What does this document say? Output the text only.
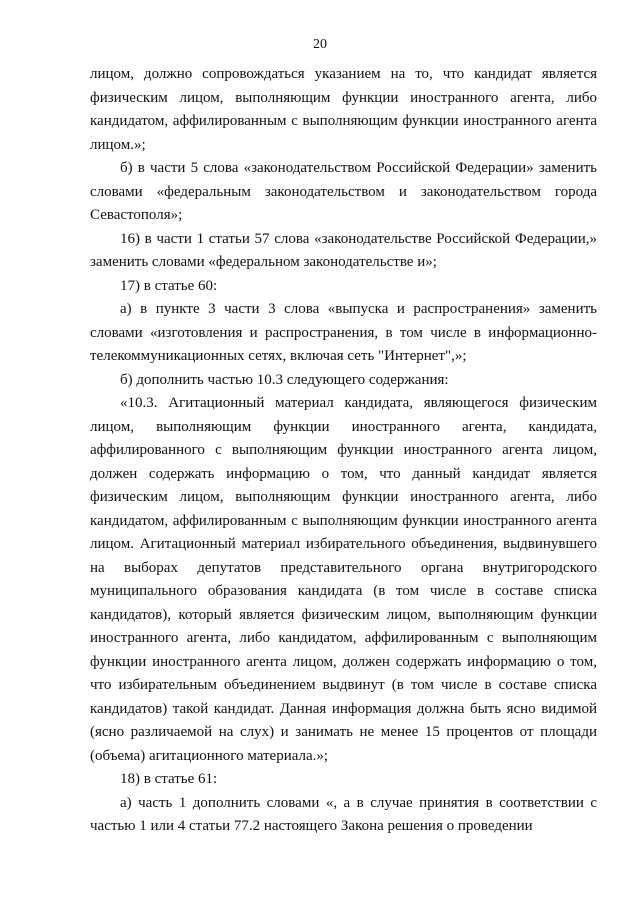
20

лицом, должно сопровождаться указанием на то, что кандидат является физическим лицом, выполняющим функции иностранного агента, либо кандидатом, аффилированным с выполняющим функции иностранного агента лицом.»;

б) в части 5 слова «законодательством Российской Федерации» заменить словами «федеральным законодательством и законодательством города Севастополя»;

16) в части 1 статьи 57 слова «законодательстве Российской Федерации,» заменить словами «федеральном законодательстве и»;

17) в статье 60:

а) в пункте 3 части 3 слова «выпуска и распространения» заменить словами «изготовления и распространения, в том числе в информационно-телекоммуникационных сетях, включая сеть "Интернет",»;

б) дополнить частью 10.3 следующего содержания:

«10.3. Агитационный материал кандидата, являющегося физическим лицом, выполняющим функции иностранного агента, кандидата, аффилированного с выполняющим функции иностранного агента лицом, должен содержать информацию о том, что данный кандидат является физическим лицом, выполняющим функции иностранного агента, либо кандидатом, аффилированным с выполняющим функции иностранного агента лицом. Агитационный материал избирательного объединения, выдвинувшего на выборах депутатов представительного органа внутригородского муниципального образования кандидата (в том числе в составе списка кандидатов), который является физическим лицом, выполняющим функции иностранного агента, либо кандидатом, аффилированным с выполняющим функции иностранного агента лицом, должен содержать информацию о том, что избирательным объединением выдвинут (в том числе в составе списка кандидатов) такой кандидат. Данная информация должна быть ясно видимой (ясно различаемой на слух) и занимать не менее 15 процентов от площади (объема) агитационного материала.»;

18) в статье 61:

а) часть 1 дополнить словами «, а в случае принятия в соответствии с частью 1 или 4 статьи 77.2 настоящего Закона решения о проведении
